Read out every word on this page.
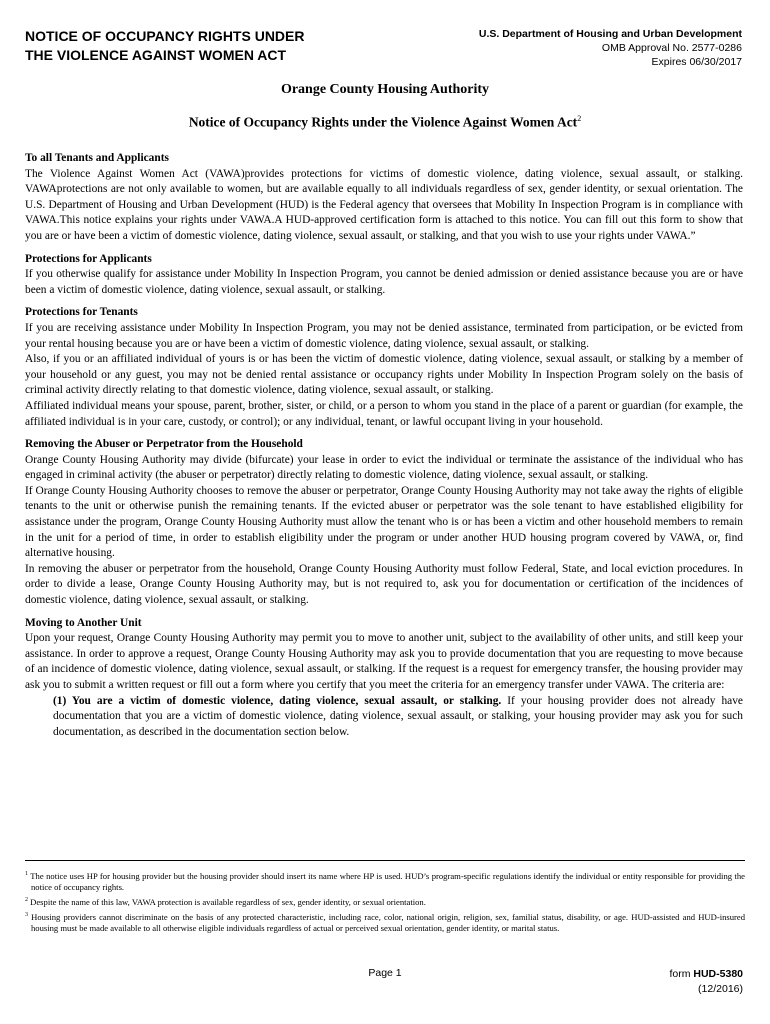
NOTICE OF OCCUPANCY RIGHTS UNDER
THE VIOLENCE AGAINST WOMEN ACT
U.S. Department of Housing and Urban Development
OMB Approval No. 2577-0286
Expires 06/30/2017
Orange County Housing Authority
Notice of Occupancy Rights under the Violence Against Women Act$^2$
To all Tenants and Applicants

The Violence Against Women Act (VAWA)provides protections for victims of domestic violence, dating violence, sexual assault, or stalking. VAWAprotections are not only available to women, but are available equally to all individuals regardless of sex, gender identity, or sexual orientation. The U.S. Department of Housing and Urban Development (HUD) is the Federal agency that oversees that Mobility In Inspection Program is in compliance with VAWA.This notice explains your rights under VAWA.A HUD-approved certification form is attached to this notice. You can fill out this form to show that you are or have been a victim of domestic violence, dating violence, sexual assault, or stalking, and that you wish to use your rights under VAWA.”

Protections for Applicants

If you otherwise qualify for assistance under Mobility In Inspection Program, you cannot be denied admission or denied assistance because you are or have been a victim of domestic violence, dating violence, sexual assault, or stalking.

Protections for Tenants

If you are receiving assistance under Mobility In Inspection Program, you may not be denied assistance, terminated from participation, or be evicted from your rental housing because you are or have been a victim of domestic violence, dating violence, sexual assault, or stalking.

Also, if you or an affiliated individual of yours is or has been the victim of domestic violence, dating violence, sexual assault, or stalking by a member of your household or any guest, you may not be denied rental assistance or occupancy rights under Mobility In Inspection Program solely on the basis of criminal activity directly relating to that domestic violence, dating violence, sexual assault, or stalking.

Affiliated individual means your spouse, parent, brother, sister, or child, or a person to whom you stand in the place of a parent or guardian (for example, the affiliated individual is in your care, custody, or control); or any individual, tenant, or lawful occupant living in your household.

Removing the Abuser or Perpetrator from the Household

Orange County Housing Authority may divide (bifurcate) your lease in order to evict the individual or terminate the assistance of the individual who has engaged in criminal activity (the abuser or perpetrator) directly relating to domestic violence, dating violence, sexual assault, or stalking.

If Orange County Housing Authority chooses to remove the abuser or perpetrator, Orange County Housing Authority may not take away the rights of eligible tenants to the unit or otherwise punish the remaining tenants. If the evicted abuser or perpetrator was the sole tenant to have established eligibility for assistance under the program, Orange County Housing Authority must allow the tenant who is or has been a victim and other household members to remain in the unit for a period of time, in order to establish eligibility under the program or under another HUD housing program covered by VAWA, or, find alternative housing.

In removing the abuser or perpetrator from the household, Orange County Housing Authority must follow Federal, State, and local eviction procedures. In order to divide a lease, Orange County Housing Authority may, but is not required to, ask you for documentation or certification of the incidences of domestic violence, dating violence, sexual assault, or stalking.

Moving to Another Unit

Upon your request, Orange County Housing Authority may permit you to move to another unit, subject to the availability of other units, and still keep your assistance. In order to approve a request, Orange County Housing Authority may ask you to provide documentation that you are requesting to move because of an incidence of domestic violence, dating violence, sexual assault, or stalking. If the request is a request for emergency transfer, the housing provider may ask you to submit a written request or fill out a form where you certify that you meet the criteria for an emergency transfer under VAWA. The criteria are:

(1) You are a victim of domestic violence, dating violence, sexual assault, or stalking. If your housing provider does not already have documentation that you are a victim of domestic violence, dating violence, sexual assault, or stalking, your housing provider may ask you for such documentation, as described in the documentation section below.

$^1$ The notice uses HP for housing provider but the housing provider should insert its name where HP is used. HUD’s program-specific regulations identify the individual or entity responsible for providing the notice of occupancy rights.

$^2$ Despite the name of this law, VAWA protection is available regardless of sex, gender identity, or sexual orientation.

$^3$ Housing providers cannot discriminate on the basis of any protected characteristic, including race, color, national origin, religion, sex, familial status, disability, or age. HUD-assisted and HUD-insured housing must be made available to all otherwise eligible individuals regardless of actual or perceived sexual orientation, gender identity, or marital status.

Page 1	form HUD-5380
(12/2016)
